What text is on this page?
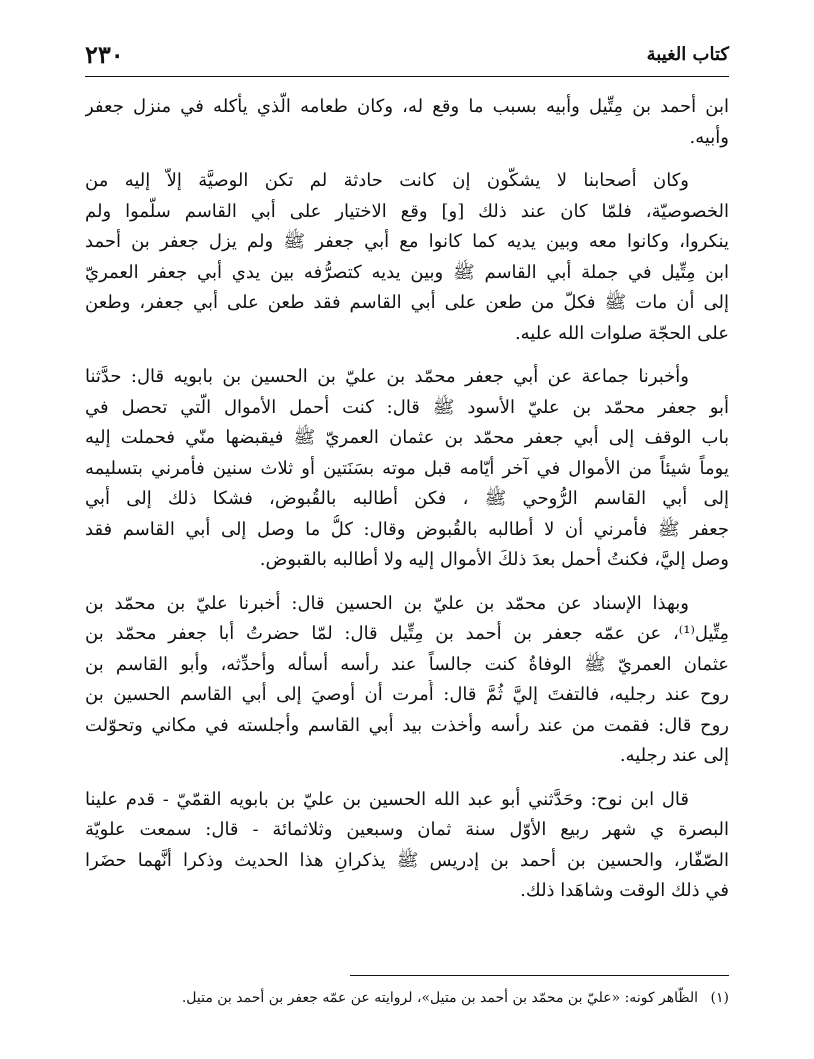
٢٣٠	كتاب الغيبة
ابن أحمد بن مِتِّيل وأبيه بسبب ما وقع له، وكان طعامه الَّذي يأكله في منزل جعفر
وأبيه.
وكان أصحابنا لا يشكّون إن كانت حادثة لم تكن الوصيَّة إلاّ إليه من
الخصوصيّة، فلمّا كان عند ذلك [و] وقع الاختيار على أبي القاسم سلّموا ولم
ينكروا، وكانوا معه وبين يديه كما كانوا مع أبي جعفر ﷺ ولم يزل جعفر بن أحمد
ابن مِتِّيل في جملة أبي القاسم ﷺ وبين يديه كتصرُّفه بين يدي أبي جعفر العمريّ
إلى أن مات ﷺ فكلّ من طعن على أبي القاسم فقد طعن على أبي جعفر، وطعن
على الحجّة صلوات الله عليه.
وأخبرنا جماعة عن أبي جعفر محمّد بن عليّ بن الحسين بن بابويه قال: حدَّثنا
أبو جعفر محمّد بن عليّ الأسود ﷺ قال: كنت أحمل الأموال الَّتي تحصل في
باب الوقف إلى أبي جعفر محمّد بن عثمان العمريّ ﷺ فيقبضها منّي فحملت إليه
يوماً شيئاً من الأموال في آخر أيّامه قبل موته بسَنَتين أو ثلاث سنين فأمرني بتسليمه
إلى أبي القاسم الرُّوحي ﷺ ، فكن أطالبه بالقُبوض، فشكا ذلك إلى أبي
جعفر ﷺ فأمرني أن لا أطالبه بالقُبوض وقال: كلُّ ما وصل إلى أبي القاسم فقد
وصل إليَّ، فكنتُ أحمل بعدَ ذلكَ الأموال إليه ولا أطالبه بالقبوض.
وبهذا الإسناد عن محمّد بن عليّ بن الحسين قال: أخبرنا عليّ بن محمّد بن
مِتِّيل⁽¹⁾، عن عمّه جعفر بن أحمد بن مِتِّيل قال: لمّا حضرتُ أبا جعفر محمّد بن
عثمان العمريّ ﷺ الوفاةُ كنت جالساً عند رأسه أسأله وأحدِّثه، وأبو القاسم بن
روح عند رجليه، فالتفتَ إليَّ ثُمَّ قال: أُمرت أن أوصيَ إلى أبي القاسم الحسين بن
روح قال: فقمت من عند رأسه وأخذت بيد أبي القاسم وأجلسته في مكاني وتحوّلت
إلى عند رجليه.
قال ابن نوح: وحَدَّثني أبو عبد الله الحسين بن عليّ بن بابويه القمّيّ - قدم علينا
البصرة ي شهر ربيع الأوّل سنة ثمان وسبعين وثلاثمائة - قال: سمعت علويّة
الصّفّار، والحسين بن أحمد بن إدريس ﷺ يذكرانِ هذا الحديث وذكرا أنَّهما حضَرا
في ذلك الوقت وشاهَدا ذلك.
(١) الظّاهر كونه: «عليّ بن محمّد بن أحمد بن متيل»، لروايته عن عمّه جعفر بن أحمد بن متيل.
